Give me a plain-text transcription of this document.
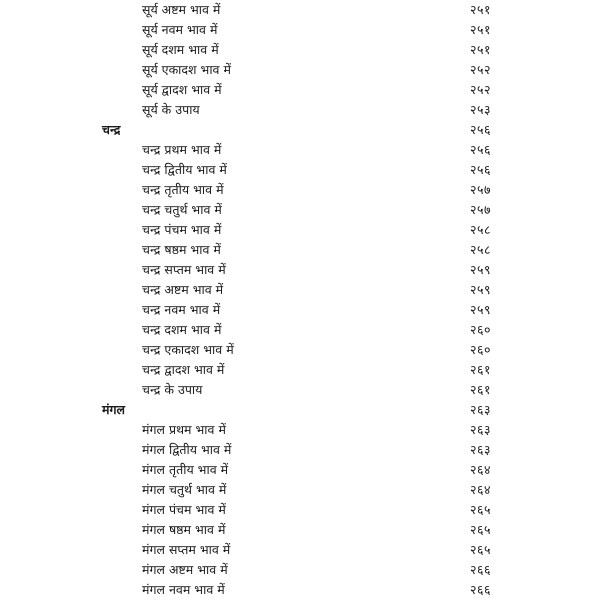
सूर्य अष्टम भाव में	२५१
सूर्य नवम भाव में	२५१
सूर्य दशम भाव में	२५१
सूर्य एकादश भाव में	२५२
सूर्य द्वादश भाव में	२५२
सूर्य के उपाय	२५३
चन्द्र	२५६
चन्द्र प्रथम भाव में	२५६
चन्द्र द्वितीय भाव में	२५६
चन्द्र तृतीय भाव में	२५७
चन्द्र चतुर्थ भाव में	२५७
चन्द्र पंचम भाव में	२५८
चन्द्र षष्ठम भाव में	२५८
चन्द्र सप्तम भाव में	२५९
चन्द्र अष्टम भाव में	२५९
चन्द्र नवम भाव में	२५९
चन्द्र दशम भाव में	२६०
चन्द्र एकादश भाव में	२६०
चन्द्र द्वादश भाव में	२६१
चन्द्र के उपाय	२६१
मंगल	२६३
मंगल प्रथम भाव में	२६३
मंगल द्वितीय भाव में	२६३
मंगल तृतीय भाव में	२६४
मंगल चतुर्थ भाव में	२६४
मंगल पंचम भाव में	२६५
मंगल षष्ठम भाव में	२६५
मंगल सप्तम भाव में	२६५
मंगल अष्टम भाव में	२६६
मंगल नवम भाव में	२६६
